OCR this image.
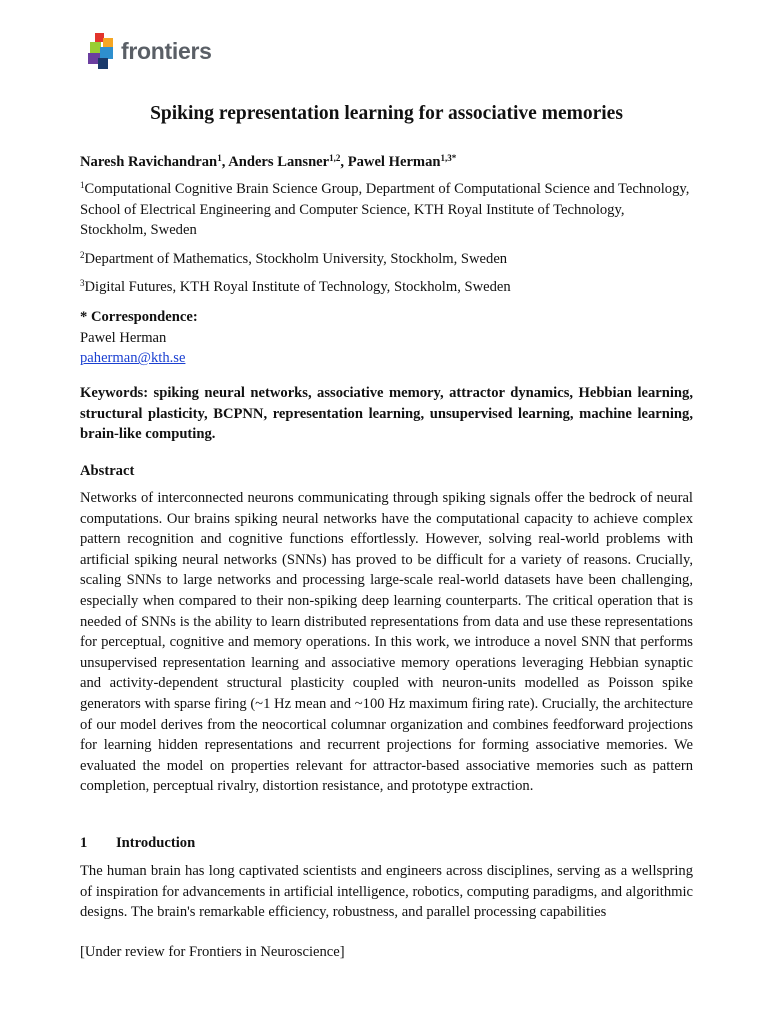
frontiers
Spiking representation learning for associative memories
Naresh Ravichandran$^1$, Anders Lansner$^{1,2}$, Pawel Herman$^{1,3*}$
$^1$Computational Cognitive Brain Science Group, Department of Computational Science and Technology, School of Electrical Engineering and Computer Science, KTH Royal Institute of Technology, Stockholm, Sweden
$^2$Department of Mathematics, Stockholm University, Stockholm, Sweden
$^3$Digital Futures, KTH Royal Institute of Technology, Stockholm, Sweden
* Correspondence:
Pawel Herman
paherman@kth.se
Keywords: spiking neural networks, associative memory, attractor dynamics, Hebbian learning, structural plasticity, BCPNN, representation learning, unsupervised learning, machine learning, brain-like computing.
Abstract
Networks of interconnected neurons communicating through spiking signals offer the bedrock of neural computations. Our brains spiking neural networks have the computational capacity to achieve complex pattern recognition and cognitive functions effortlessly. However, solving real-world problems with artificial spiking neural networks (SNNs) has proved to be difficult for a variety of reasons. Crucially, scaling SNNs to large networks and processing large-scale real-world datasets have been challenging, especially when compared to their non-spiking deep learning counterparts. The critical operation that is needed of SNNs is the ability to learn distributed representations from data and use these representations for perceptual, cognitive and memory operations. In this work, we introduce a novel SNN that performs unsupervised representation learning and associative memory operations leveraging Hebbian synaptic and activity-dependent structural plasticity coupled with neuron-units modelled as Poisson spike generators with sparse firing (~1 Hz mean and ~100 Hz maximum firing rate). Crucially, the architecture of our model derives from the neocortical columnar organization and combines feedforward projections for learning hidden representations and recurrent projections for forming associative memories. We evaluated the model on properties relevant for attractor-based associative memories such as pattern completion, perceptual rivalry, distortion resistance, and prototype extraction.
1	Introduction
The human brain has long captivated scientists and engineers across disciplines, serving as a wellspring of inspiration for advancements in artificial intelligence, robotics, computing paradigms, and algorithmic designs. The brain's remarkable efficiency, robustness, and parallel processing capabilities
[Under review for Frontiers in Neuroscience]
